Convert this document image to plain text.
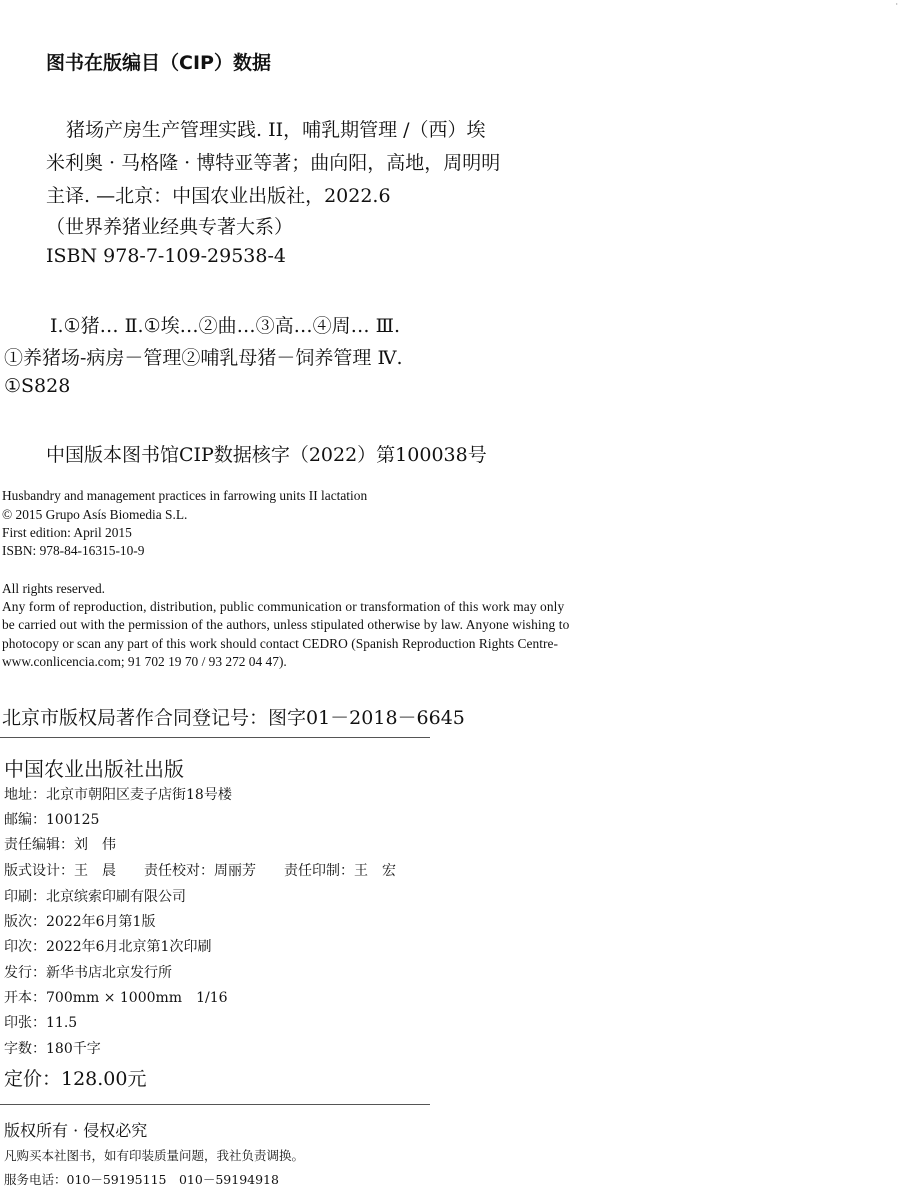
·
图书在版编目（CIP）数据
猪场产房生产管理实践. II，哺乳期管理 /（西）埃
米利奥 · 马格隆 · 博特亚等著；曲向阳，高地，周明明
主译. —北京：中国农业出版社，2022.6
（世界养猪业经典专著大系）
ISBN 978-7-109-29538-4
Ⅰ.①猪… Ⅱ.①埃…②曲…③高…④周… Ⅲ.
①养猪场-病房－管理②哺乳母猪－饲养管理 Ⅳ.
①S828
中国版本图书馆CIP数据核字（2022）第100038号
Husbandry and management practices in farrowing units II lactation
© 2015 Grupo Asís Biomedia S.L.
First edition: April 2015
ISBN: 978-84-16315-10-9
All rights reserved.
Any form of reproduction, distribution, public communication or transformation of this work may only
be carried out with the permission of the authors, unless stipulated otherwise by law. Anyone wishing to
photocopy or scan any part of this work should contact CEDRO (Spanish Reproduction Rights Centre-
www.conlicencia.com; 91 702 19 70 / 93 272 04 47).
北京市版权局著作合同登记号：图字01－2018－6645
中国农业出版社出版
地址：北京市朝阳区麦子店街18号楼
邮编：100125
责任编辑：刘　伟
版式设计：王　晨　　责任校对：周丽芳　　责任印制：王　宏
印刷：北京缤索印刷有限公司
版次：2022年6月第1版
印次：2022年6月北京第1次印刷
发行：新华书店北京发行所
开本：700mm × 1000mm　1/16
印张：11.5
字数：180千字
定价：128.00元
版权所有 · 侵权必究
凡购买本社图书，如有印装质量问题，我社负责调换。
服务电话：010－59195115　010－59194918
